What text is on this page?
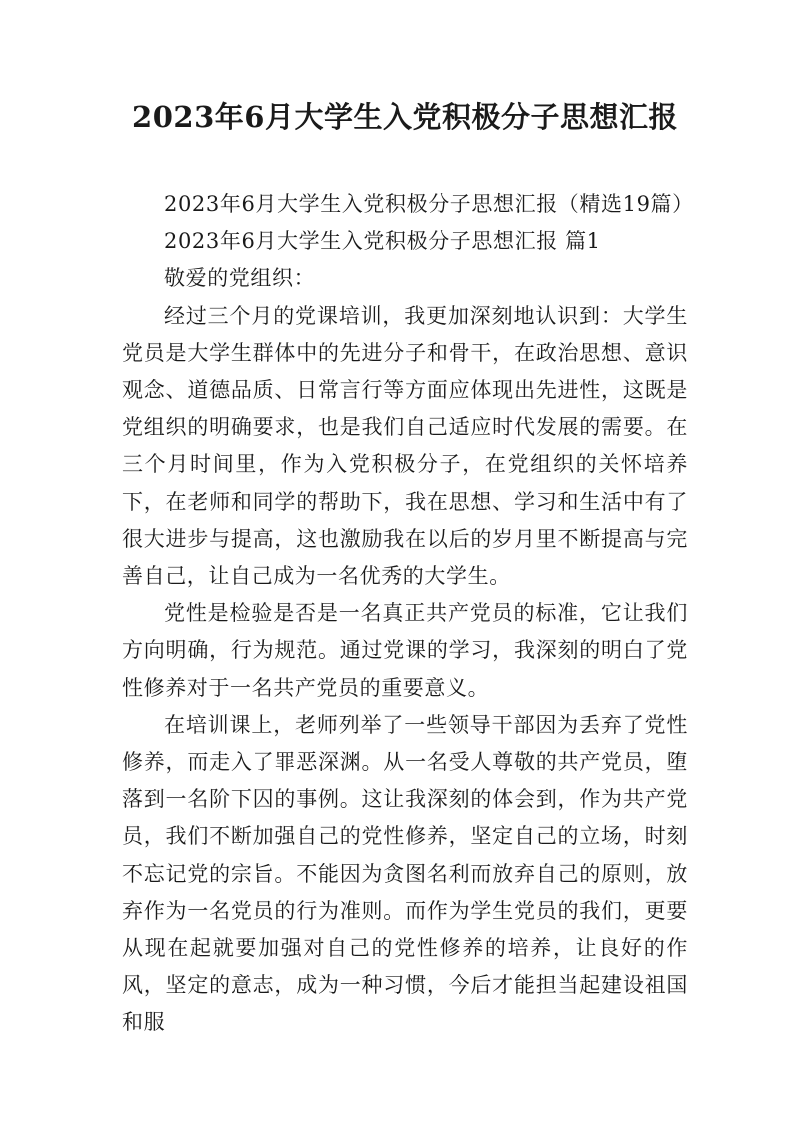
2023年6月大学生入党积极分子思想汇报

2023年6月大学生入党积极分子思想汇报（精选19篇）

2023年6月大学生入党积极分子思想汇报 篇1

敬爱的党组织：

经过三个月的党课培训，我更加深刻地认识到：大学生党员是大学生群体中的先进分子和骨干，在政治思想、意识观念、道德品质、日常言行等方面应体现出先进性，这既是党组织的明确要求，也是我们自己适应时代发展的需要。在三个月时间里，作为入党积极分子，在党组织的关怀培养下，在老师和同学的帮助下，我在思想、学习和生活中有了很大进步与提高，这也激励我在以后的岁月里不断提高与完善自己，让自己成为一名优秀的大学生。

党性是检验是否是一名真正共产党员的标准，它让我们方向明确，行为规范。通过党课的学习，我深刻的明白了党性修养对于一名共产党员的重要意义。

在培训课上，老师列举了一些领导干部因为丢弃了党性修养，而走入了罪恶深渊。从一名受人尊敬的共产党员，堕落到一名阶下囚的事例。这让我深刻的体会到，作为共产党员，我们不断加强自己的党性修养，坚定自己的立场，时刻不忘记党的宗旨。不能因为贪图名利而放弃自己的原则，放弃作为一名党员的行为准则。而作为学生党员的我们，更要从现在起就要加强对自己的党性修养的培养，让良好的作风，坚定的意志，成为一种习惯，今后才能担当起建设祖国和服
